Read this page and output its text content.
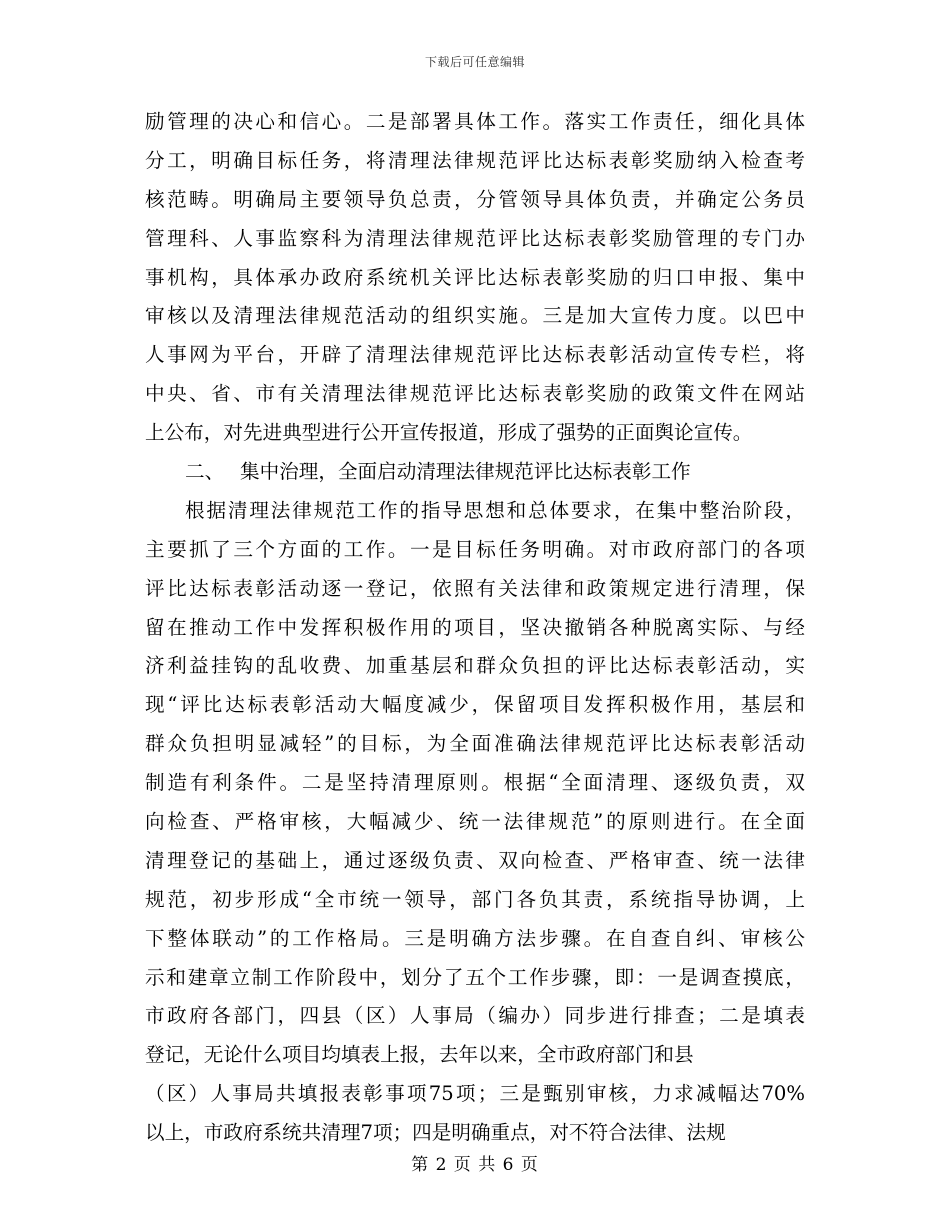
下载后可任意编辑
励管理的决心和信心。二是部署具体工作。落实工作责任，细化具体
分工，明确目标任务，将清理法律规范评比达标表彰奖励纳入检查考
核范畴。明确局主要领导负总责，分管领导具体负责，并确定公务员
管理科、人事监察科为清理法律规范评比达标表彰奖励管理的专门办
事机构，具体承办政府系统机关评比达标表彰奖励的归口申报、集中
审核以及清理法律规范活动的组织实施。三是加大宣传力度。以巴中
人事网为平台，开辟了清理法律规范评比达标表彰活动宣传专栏，将
中央、省、市有关清理法律规范评比达标表彰奖励的政策文件在网站
上公布，对先进典型进行公开宣传报道，形成了强势的正面舆论宣传。
二、 集中治理，全面启动清理法律规范评比达标表彰工作
根据清理法律规范工作的指导思想和总体要求，在集中整治阶段，
主要抓了三个方面的工作。一是目标任务明确。对市政府部门的各项
评比达标表彰活动逐一登记，依照有关法律和政策规定进行清理，保
留在推动工作中发挥积极作用的项目，坚决撤销各种脱离实际、与经
济利益挂钩的乱收费、加重基层和群众负担的评比达标表彰活动，实
现“评比达标表彰活动大幅度减少，保留项目发挥积极作用，基层和
群众负担明显减轻”的目标，为全面准确法律规范评比达标表彰活动
制造有利条件。二是坚持清理原则。根据“全面清理、逐级负责，双
向检查、严格审核，大幅减少、统一法律规范”的原则进行。在全面
清理登记的基础上，通过逐级负责、双向检查、严格审查、统一法律
规范，初步形成“全市统一领导，部门各负其责，系统指导协调，上
下整体联动”的工作格局。三是明确方法步骤。在自查自纠、审核公
示和建章立制工作阶段中，划分了五个工作步骤，即：一是调查摸底，
市政府各部门，四县（区）人事局（编办）同步进行排查；二是填表
登记，无论什么项目均填表上报，去年以来，全市政府部门和县
（区）人事局共填报表彰事项75项；三是甄别审核，力求减幅达70%
以上，市政府系统共清理7项；四是明确重点，对不符合法律、法规
第 2 页 共 6 页
